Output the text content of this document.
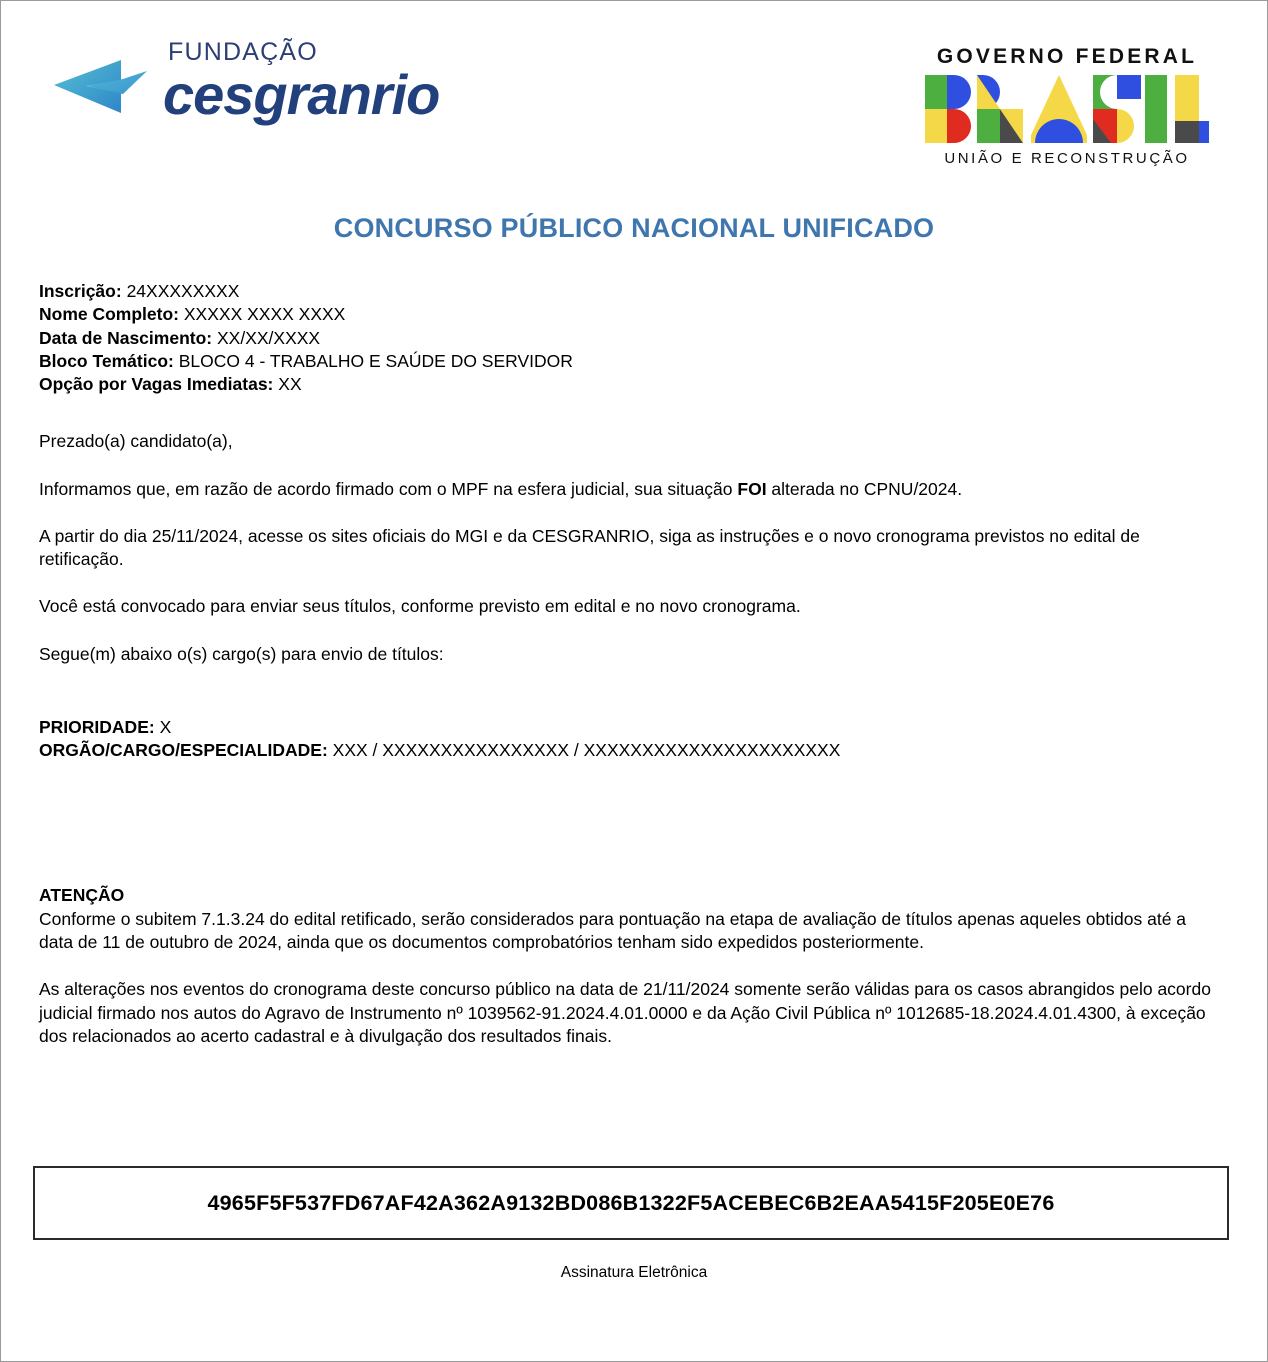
FUNDAÇÃO
cesgranrio
GOVERNO FEDERAL
UNIÃO E RECONSTRUÇÃO
CONCURSO PÚBLICO NACIONAL UNIFICADO
Inscrição: 24XXXXXXXX
Nome Completo: XXXXX XXXX XXXX
Data de Nascimento: XX/XX/XXXX
Bloco Temático: BLOCO 4 - TRABALHO E SAÚDE DO SERVIDOR
Opção por Vagas Imediatas: XX

Prezado(a) candidato(a),

Informamos que, em razão de acordo firmado com o MPF na esfera judicial, sua situação FOI alterada no CPNU/2024.

A partir do dia 25/11/2024, acesse os sites oficiais do MGI e da CESGRANRIO, siga as instruções e o novo cronograma previstos no edital de retificação.

Você está convocado para enviar seus títulos, conforme previsto em edital e no novo cronograma.

Segue(m) abaixo o(s) cargo(s) para envio de títulos:

PRIORIDADE: X
ORGÃO/CARGO/ESPECIALIDADE: XXX / XXXXXXXXXXXXXXXX / XXXXXXXXXXXXXXXXXXXXXX
ATENÇÃO

Conforme o subitem 7.1.3.24 do edital retificado, serão considerados para pontuação na etapa de avaliação de títulos apenas aqueles obtidos até a data de 11 de outubro de 2024, ainda que os documentos comprobatórios tenham sido expedidos posteriormente.

As alterações nos eventos do cronograma deste concurso público na data de 21/11/2024 somente serão válidas para os casos abrangidos pelo acordo judicial firmado nos autos do Agravo de Instrumento nº 1039562-91.2024.4.01.0000 e da Ação Civil Pública nº 1012685-18.2024.4.01.4300, à exceção dos relacionados ao acerto cadastral e à divulgação dos resultados finais.

4965F5F537FD67AF42A362A9132BD086B1322F5ACEBEC6B2EAA5415F205E0E76
Assinatura Eletrônica
